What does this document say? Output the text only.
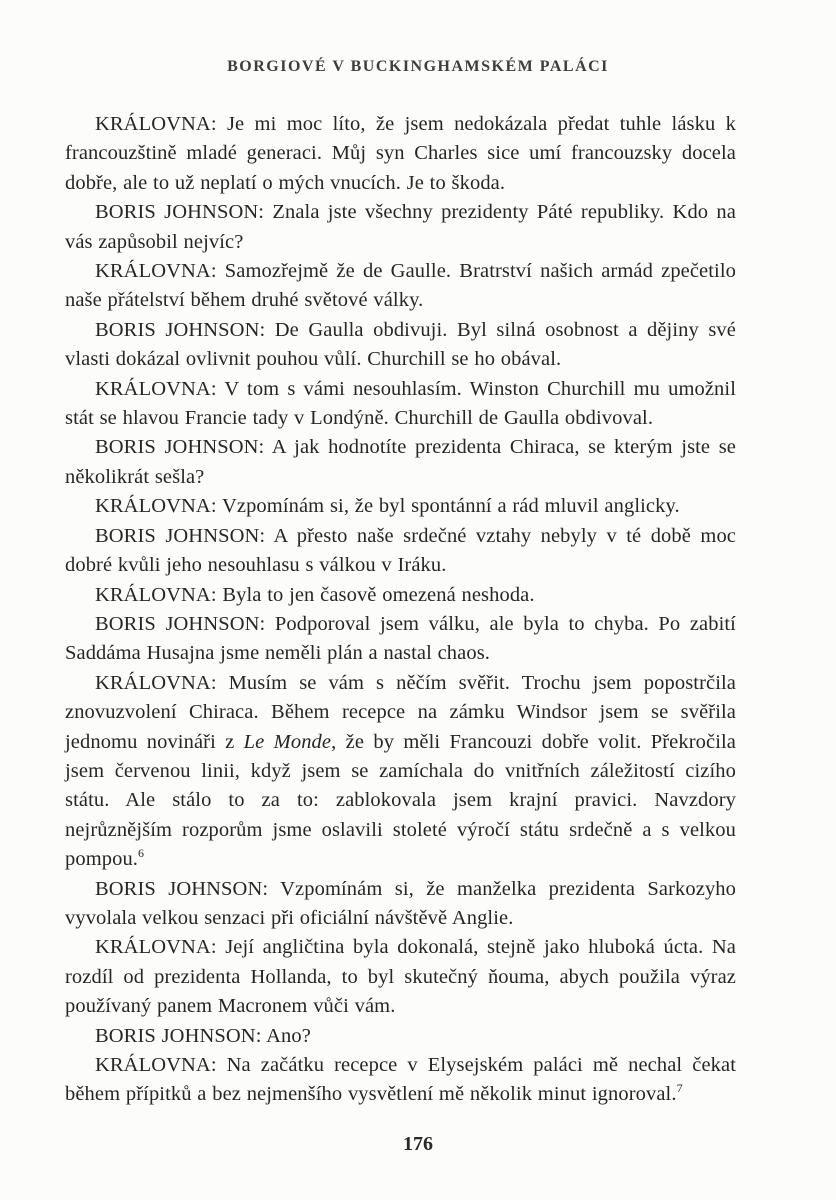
BORGIOVÉ V BUCKINGHAMSKÉM PALÁCI

KRÁLOVNA: Je mi moc líto, že jsem nedokázala předat tuhle lásku k francouzštině mladé generaci. Můj syn Charles sice umí francouzsky docela dobře, ale to už neplatí o mých vnucích. Je to škoda.

BORIS JOHNSON: Znala jste všechny prezidenty Páté republiky. Kdo na vás zapůsobil nejvíc?

KRÁLOVNA: Samozřejmě že de Gaulle. Bratrství našich armád zpečetilo naše přátelství během druhé světové války.

BORIS JOHNSON: De Gaulla obdivuji. Byl silná osobnost a dějiny své vlasti dokázal ovlivnit pouhou vůlí. Churchill se ho obával.

KRÁLOVNA: V tom s vámi nesouhlasím. Winston Churchill mu umožnil stát se hlavou Francie tady v Londýně. Churchill de Gaulla obdivoval.

BORIS JOHNSON: A jak hodnotíte prezidenta Chiraca, se kterým jste se několikrát sešla?

KRÁLOVNA: Vzpomínám si, že byl spontánní a rád mluvil anglicky.

BORIS JOHNSON: A přesto naše srdečné vztahy nebyly v té době moc dobré kvůli jeho nesouhlasu s válkou v Iráku.

KRÁLOVNA: Byla to jen časově omezená neshoda.

BORIS JOHNSON: Podporoval jsem válku, ale byla to chyba. Po zabití Saddáma Husajna jsme neměli plán a nastal chaos.

KRÁLOVNA: Musím se vám s něčím svěřit. Trochu jsem popostrčila znovuzvolení Chiraca. Během recepce na zámku Windsor jsem se svěřila jednomu novináři z Le Monde, že by měli Francouzi dobře volit. Překročila jsem červenou linii, když jsem se zamíchala do vnitřních záležitostí cizího státu. Ale stálo to za to: zablokovala jsem krajní pravici. Navzdory nejrůznějším rozporům jsme oslavili stoleté výročí státu srdečně a s velkou pompou.$^6$

BORIS JOHNSON: Vzpomínám si, že manželka prezidenta Sarkozyho vyvolala velkou senzaci při oficiální návštěvě Anglie.

KRÁLOVNA: Její angličtina byla dokonalá, stejně jako hluboká úcta. Na rozdíl od prezidenta Hollanda, to byl skutečný ňouma, abych použila výraz používaný panem Macronem vůči vám.

BORIS JOHNSON: Ano?

KRÁLOVNA: Na začátku recepce v Elysejském paláci mě nechal čekat během přípitků a bez nejmenšího vysvětlení mě několik minut ignoroval.$^7$

176
